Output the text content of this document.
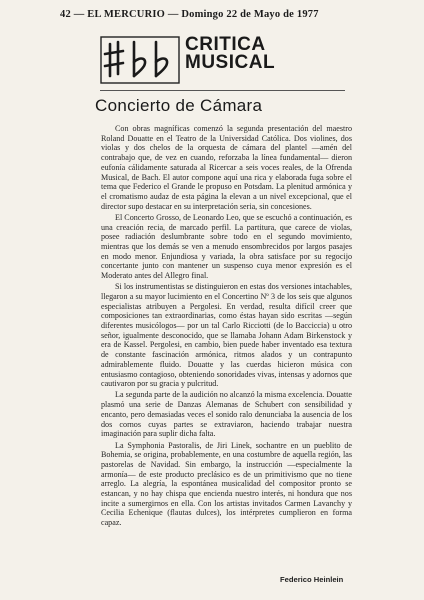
42 — EL MERCURIO — Domingo 22 de Mayo de 1977
CRITICA
MUSICAL
Concierto de Cámara

Con obras magníficas comenzó la segunda presentación del maestro Roland Douatte en el Teatro de la Universidad Católica. Dos violines, dos violas y dos chelos de la orquesta de cámara del plantel —amén del contrabajo que, de vez en cuando, reforzaba la línea fundamental— dieron eufonía cálidamente saturada al Ricercar a seis voces reales, de la Ofrenda Musical, de Bach. El autor compone aquí una rica y elaborada fuga sobre el tema que Federico el Grande le propuso en Potsdam. La plenitud armónica y el cromatismo audaz de esta página la elevan a un nivel excepcional, que el director supo destacar en su interpretación seria, sin concesiones.

El Concerto Grosso, de Leonardo Leo, que se escuchó a continuación, es una creación recia, de marcado perfil. La partitura, que carece de violas, posee radiación deslumbrante sobre todo en el segundo movimiento, mientras que los demás se ven a menudo ensombrecidos por largos pasajes en modo menor. Enjundiosa y variada, la obra satisface por su regocijo concertante junto con mantener un suspenso cuya menor expresión es el Moderato antes del Allegro final.

Si los instrumentistas se distinguieron en estas dos versiones intachables, llegaron a su mayor lucimiento en el Concertino Nº 3 de los seis que algunos especialistas atribuyen a Pergolesi. En verdad, resulta difícil creer que composiciones tan extraordinarias, como éstas hayan sido escritas —según diferentes musicólogos— por un tal Carlo Ricciotti (de lo Bacciccia) u otro señor, igualmente desconocido, que se llamaba Johann Adam Birkenstock y era de Kassel. Pergolesi, en cambio, bien puede haber inventado esa textura de constante fascinación armónica, ritmos alados y un contrapunto admirablemente fluido. Douatte y las cuerdas hicieron música con entusiasmo contagioso, obteniendo sonoridades vivas, intensas y adornos que cautivaron por su gracia y pulcritud.

La segunda parte de la audición no alcanzó la misma excelencia. Douatte plasmó una serie de Danzas Alemanas de Schubert con sensibilidad y encanto, pero demasiadas veces el sonido ralo denunciaba la ausencia de los dos cornos cuyas partes se extraviaron, haciendo trabajar nuestra imaginación para suplir dicha falta.

La Symphonia Pastoralis, de Jiri Linek, sochantre en un pueblito de Bohemia, se origina, probablemente, en una costumbre de aquella región, las pastorelas de Navidad. Sin embargo, la instrucción —especialmente la armonía— de este producto preclásico es de un primitivismo que no tiene arreglo. La alegría, la espontánea musicalidad del compositor pronto se estancan, y no hay chispa que encienda nuestro interés, ni hondura que nos incite a sumergirnos en ella. Con los artistas invitados Carmen Lavanchy y Cecilia Echenique (flautas dulces), los intérpretes cumplieron en forma capaz.

Federico Heinlein
